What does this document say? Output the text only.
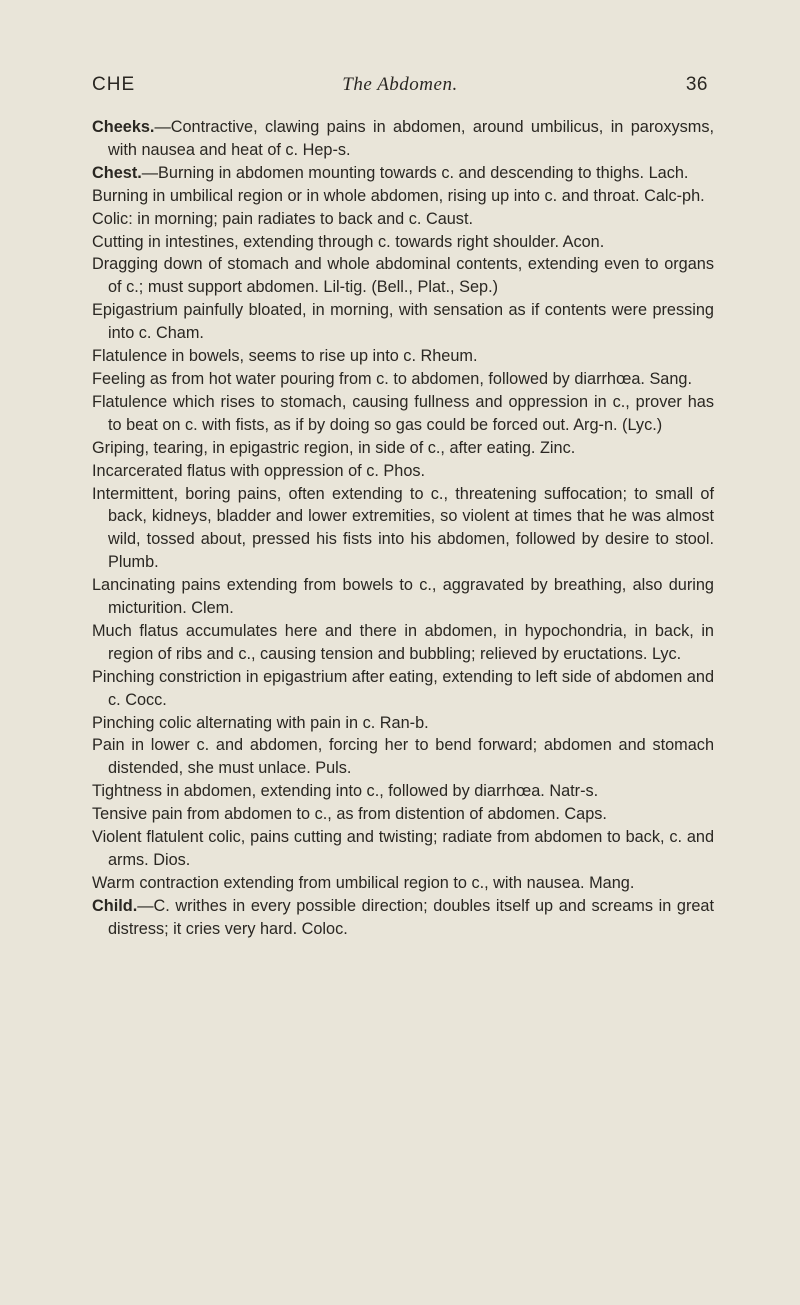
CHE	The Abdomen.	36

Cheeks.—Contractive, clawing pains in abdomen, around umbilicus, in paroxysms, with nausea and heat of c. Hep-s.

Chest.—Burning in abdomen mounting towards c. and descending to thighs. Lach.

Burning in umbilical region or in whole abdomen, rising up into c. and throat. Calc-ph.

Colic: in morning; pain radiates to back and c. Caust.

Cutting in intestines, extending through c. towards right shoulder. Acon.

Dragging down of stomach and whole abdominal contents, extending even to organs of c.; must support abdomen. Lil-tig. (Bell., Plat., Sep.)

Epigastrium painfully bloated, in morning, with sensation as if contents were pressing into c. Cham.

Flatulence in bowels, seems to rise up into c. Rheum.

Feeling as from hot water pouring from c. to abdomen, followed by diarrhœa. Sang.

Flatulence which rises to stomach, causing fullness and oppression in c., prover has to beat on c. with fists, as if by doing so gas could be forced out. Arg-n. (Lyc.)

Griping, tearing, in epigastric region, in side of c., after eating. Zinc.

Incarcerated flatus with oppression of c. Phos.

Intermittent, boring pains, often extending to c., threatening suffocation; to small of back, kidneys, bladder and lower extremities, so violent at times that he was almost wild, tossed about, pressed his fists into his abdomen, followed by desire to stool. Plumb.

Lancinating pains extending from bowels to c., aggravated by breathing, also during micturition. Clem.

Much flatus accumulates here and there in abdomen, in hypochondria, in back, in region of ribs and c., causing tension and bubbling; relieved by eructations. Lyc.

Pinching constriction in epigastrium after eating, extending to left side of abdomen and c. Cocc.

Pinching colic alternating with pain in c. Ran-b.

Pain in lower c. and abdomen, forcing her to bend forward; abdomen and stomach distended, she must unlace. Puls.

Tightness in abdomen, extending into c., followed by diarrhœa. Natr-s.

Tensive pain from abdomen to c., as from distention of abdomen. Caps.

Violent flatulent colic, pains cutting and twisting; radiate from abdomen to back, c. and arms. Dios.

Warm contraction extending from umbilical region to c., with nausea. Mang.

Child.—C. writhes in every possible direction; doubles itself up and screams in great distress; it cries very hard. Coloc.
